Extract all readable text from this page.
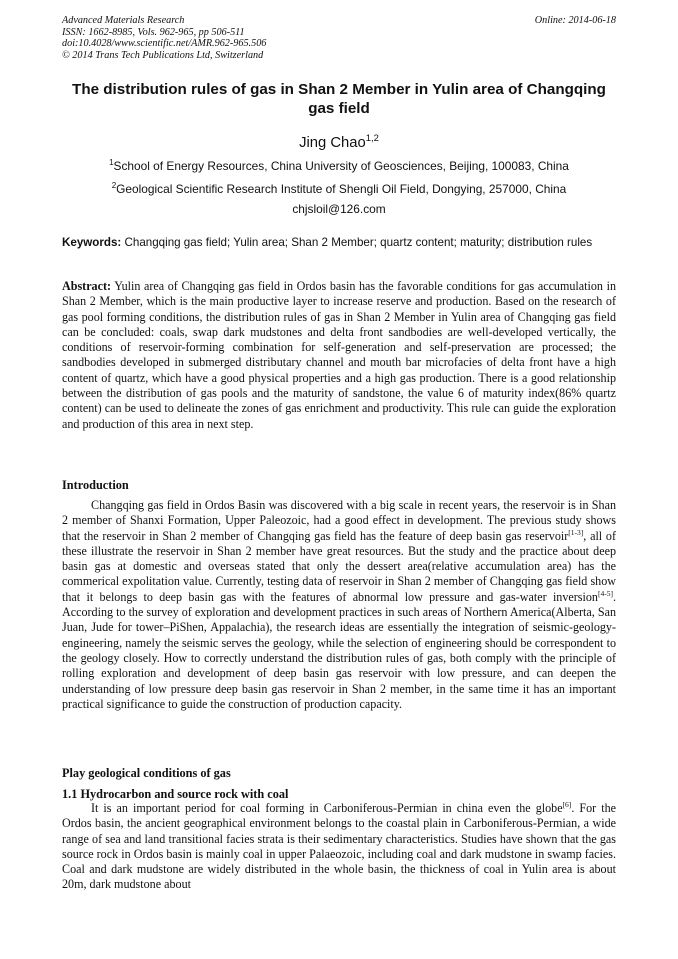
Advanced Materials Research
ISSN: 1662-8985, Vols. 962-965, pp 506-511
doi:10.4028/www.scientific.net/AMR.962-965.506
© 2014 Trans Tech Publications Ltd, Switzerland
Online: 2014-06-18
The distribution rules of gas in Shan 2 Member in Yulin area of Changqing gas field
Jing Chao$^{1,2}$
$^1$School of Energy Resources, China University of Geosciences, Beijing, 100083, China
$^2$Geological Scientific Research Institute of Shengli Oil Field, Dongying, 257000, China
chjsloil@126.com
Keywords: Changqing gas field; Yulin area; Shan 2 Member; quartz content; maturity; distribution rules
Abstract: Yulin area of Changqing gas field in Ordos basin has the favorable conditions for gas accumulation in Shan 2 Member, which is the main productive layer to increase reserve and production. Based on the research of gas pool forming conditions, the distribution rules of gas in Shan 2 Member in Yulin area of Changqing gas field can be concluded: coals, swap dark mudstones and delta front sandbodies are well-developed vertically, the conditions of reservoir-forming combination for self-generation and self-preservation are processed; the sandbodies developed in submerged distributary channel and mouth bar microfacies of delta front have a high content of quartz, which have a good physical properties and a high gas production. There is a good relationship between the distribution of gas pools and the maturity of sandstone, the value 6 of maturity index(86% quartz content) can be used to delineate the zones of gas enrichment and productivity. This rule can guide the exploration and production of this area in next step.
Introduction
Changqing gas field in Ordos Basin was discovered with a big scale in recent years, the reservoir is in Shan 2 member of Shanxi Formation, Upper Paleozoic, had a good effect in development. The previous study shows that the reservoir in Shan 2 member of Changqing gas field has the feature of deep basin gas reservoir[1-3], all of these illustrate the reservoir in Shan 2 member have great resources. But the study and the practice about deep basin gas at domestic and overseas stated that only the dessert area(relative accumulation area) has the commerical expolitation value. Currently, testing data of reservoir in Shan 2 member of Changqing gas field show that it belongs to deep basin gas with the features of abnormal low pressure and gas-water inversion[4-5]. According to the survey of exploration and development practices in such areas of Northern America(Alberta, San Juan, Jude for tower–PiShen, Appalachia), the research ideas are essentially the integration of seismic-geology-engineering, namely the seismic serves the geology, while the selection of engineering should be correspondent to the geology closely. How to correctly understand the distribution rules of gas, both comply with the principle of rolling exploration and development of deep basin gas reservoir with low pressure, and can deepen the understanding of low pressure deep basin gas reservoir in Shan 2 member, in the same time it has an important practical significance to guide the construction of production capacity.
Play geological conditions of gas
1.1 Hydrocarbon and source rock with coal
It is an important period for coal forming in Carboniferous-Permian in china even the globe[6]. For the Ordos basin, the ancient geographical environment belongs to the coastal plain in Carboniferous-Permian, a wide range of sea and land transitional facies strata is their sedimentary characteristics. Studies have shown that the gas source rock in Ordos basin is mainly coal in upper Palaeozoic, including coal and dark mudstone in swamp facies. Coal and dark mudstone are widely distributed in the whole basin, the thickness of coal in Yulin area is about 20m, dark mudstone about
